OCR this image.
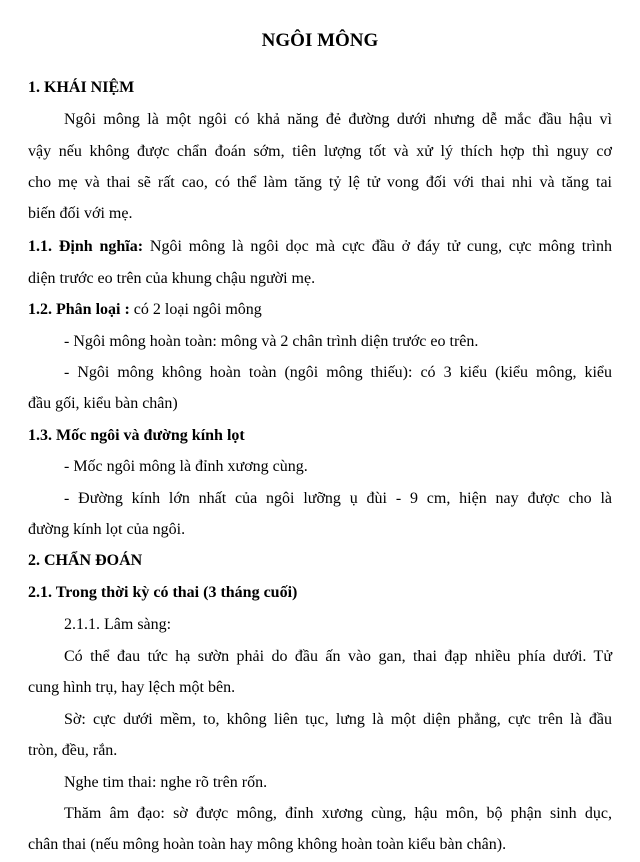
NGÔI MÔNG
1. KHÁI NIỆM
Ngôi mông là một ngôi có khả năng đẻ đường dưới nhưng dễ mắc đầu hậu vì
vậy nếu không được chẩn đoán sớm, tiên lượng tốt và xử lý thích hợp thì nguy cơ
cho mẹ và thai sẽ rất cao, có thể làm tăng tỷ lệ tử vong đối với thai nhi và tăng tai
biến đối với mẹ.
1.1. Định nghĩa: Ngôi mông là ngôi dọc mà cực đầu ở đáy tử cung, cực mông trình
diện trước eo trên của khung chậu người mẹ.
1.2. Phân loại : có 2 loại ngôi mông
- Ngôi mông hoàn toàn: mông và 2 chân trình diện trước eo trên.
- Ngôi mông không hoàn toàn (ngôi mông thiếu): có 3 kiểu (kiểu mông, kiểu
đầu gối, kiểu bàn chân)
1.3. Mốc ngôi và đường kính lọt
- Mốc ngôi mông là đỉnh xương cùng.
- Đường kính lớn nhất của ngôi lưỡng ụ đùi - 9 cm, hiện nay được cho là
đường kính lọt của ngôi.
2. CHẨN ĐOÁN
2.1. Trong thời kỳ có thai (3 tháng cuối)
2.1.1. Lâm sàng:
Có thể đau tức hạ sườn phải do đầu ấn vào gan, thai đạp nhiều phía dưới. Tử
cung hình trụ, hay lệch một bên.
Sờ: cực dưới mềm, to, không liên tục, lưng là một diện phẳng, cực trên là đầu
tròn, đều, rắn.
Nghe tim thai: nghe rõ trên rốn.
Thăm âm đạo: sờ được mông, đỉnh xương cùng, hậu môn, bộ phận sinh dục,
chân thai (nếu mông hoàn toàn hay mông không hoàn toàn kiểu bàn chân).
